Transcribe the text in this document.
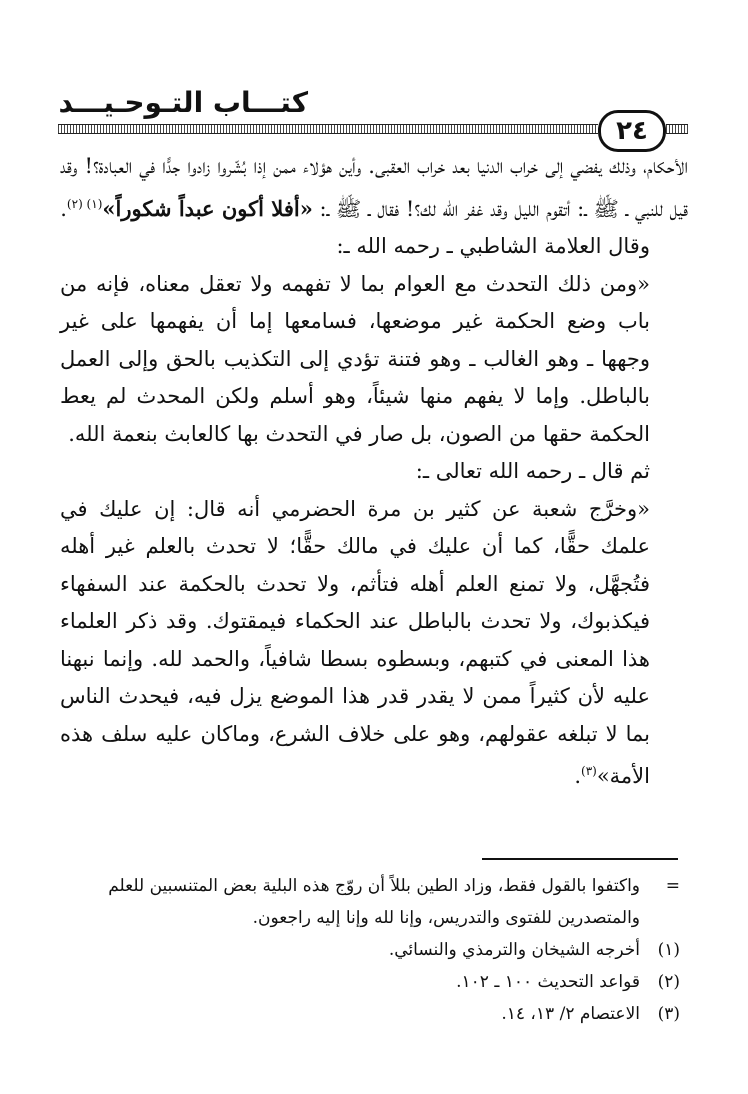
كتـــاب التـوحـيـــد
٢٤

الأحكام، وذلك يفضي إلى خراب الدنيا بعد خراب العقبى. وأين هؤلاء ممن إذا بُشّروا زادوا جدًّا في العبادة؟! وقد قيل للنبي ـ ﷺ ـ: أتقوم الليل وقد غفر الله لك؟! فقال ـ ﷺ ـ: «أفلا أكون عبداً شكوراً»$^{(١) (٢)}$.

وقال العلامة الشاطبي ـ رحمه الله ـ:

«ومن ذلك التحدث مع العوام بما لا تفهمه ولا تعقل معناه، فإنه من باب وضع الحكمة غير موضعها، فسامعها إما أن يفهمها على غير وجهها ـ وهو الغالب ـ وهو فتنة تؤدي إلى التكذيب بالحق وإلى العمل بالباطل. وإما لا يفهم منها شيئاً، وهو أسلم ولكن المحدث لم يعط الحكمة حقها من الصون، بل صار في التحدث بها كالعابث بنعمة الله.

ثم قال ـ رحمه الله تعالى ـ:

«وخرَّج شعبة عن كثير بن مرة الحضرمي أنه قال: إن عليك في علمك حقًّا، كما أن عليك في مالك حقًّا؛ لا تحدث بالعلم غير أهله فتُجهَّل، ولا تمنع العلم أهله فتأثم، ولا تحدث بالحكمة عند السفهاء فيكذبوك، ولا تحدث بالباطل عند الحكماء فيمقتوك. وقد ذكر العلماء هذا المعنى في كتبهم، وبسطوه بسطا شافياً، والحمد لله. وإنما نبهنا عليه لأن كثيراً ممن لا يقدر قدر هذا الموضع يزل فيه، فيحدث الناس بما لا تبلغه عقولهم، وهو على خلاف الشرع، وماكان عليه سلف هذه الأمة»$^{(٣)}$.

=
واكتفوا بالقول فقط، وزاد الطين بللاً أن روّج هذه البلية بعض المتنسبين للعلم والمتصدرين للفتوى والتدريس، وإنا لله وإنا إليه راجعون.

(١)
أخرجه الشيخان والترمذي والنسائي.

(٢)
قواعد التحديث ١٠٠ ـ ١٠٢.

(٣)
الاعتصام ٢/ ١٣، ١٤.
